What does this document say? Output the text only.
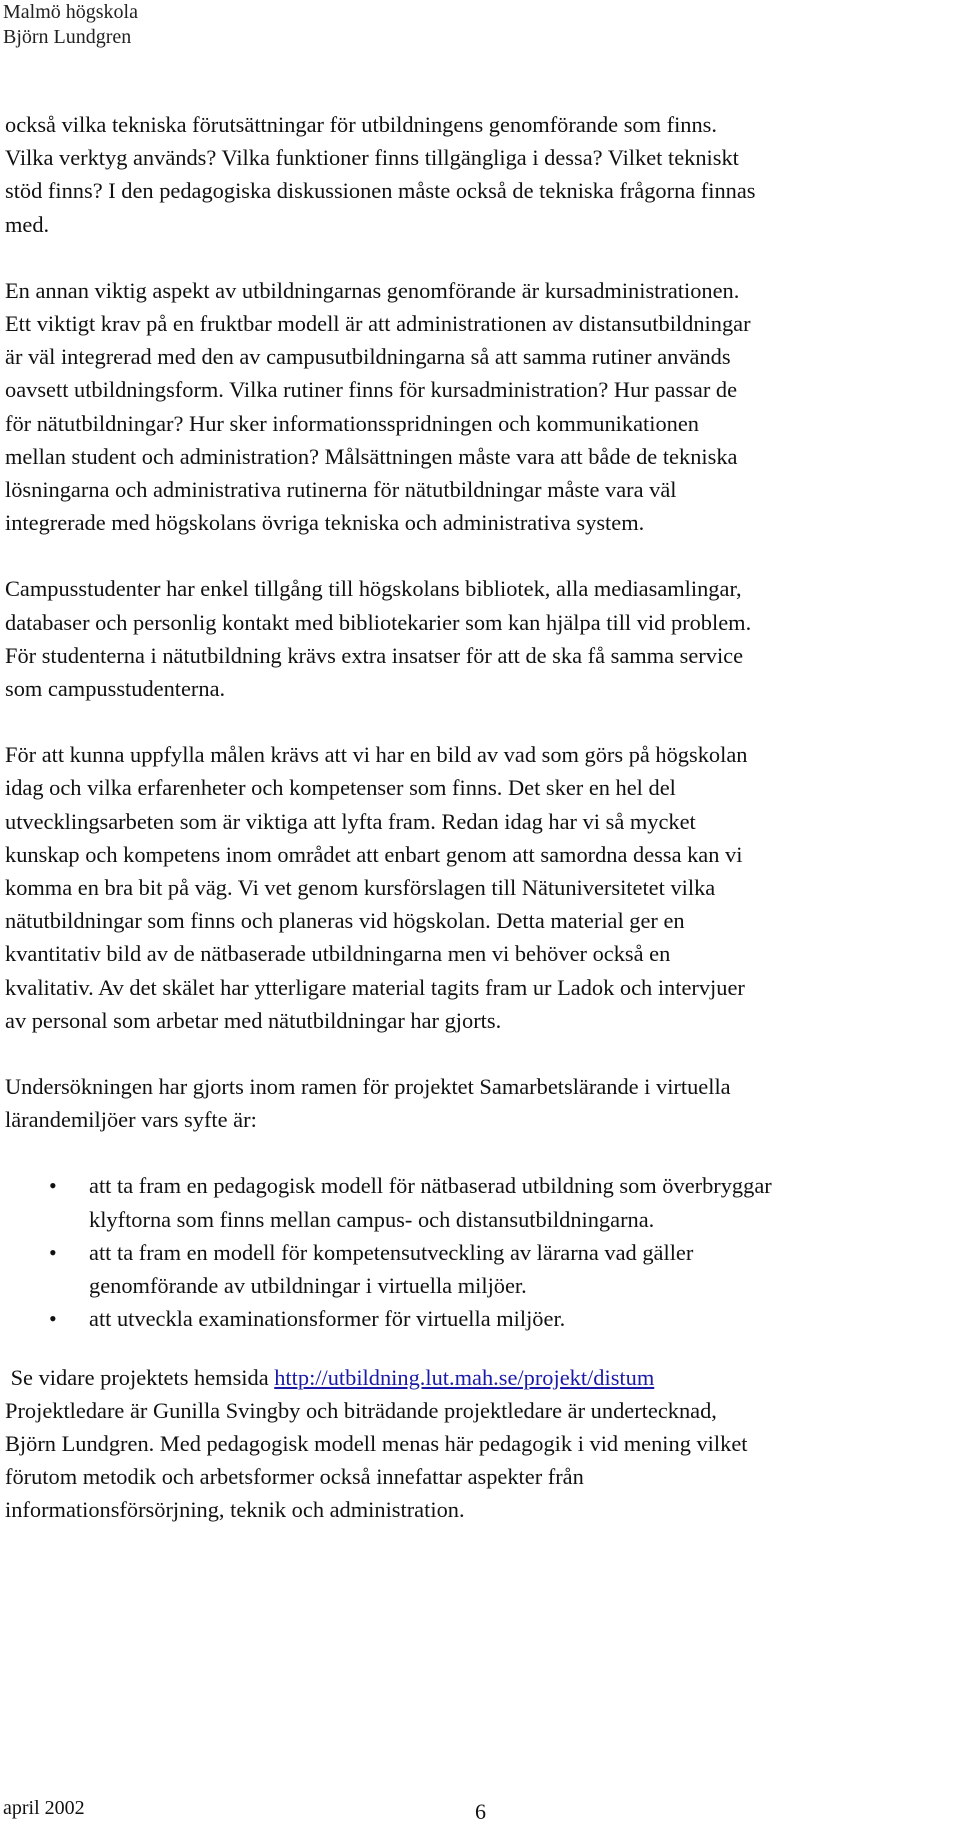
Malmö högskola
Björn Lundgren

också vilka tekniska förutsättningar för utbildningens genomförande som finns.
Vilka verktyg används? Vilka funktioner finns tillgängliga i dessa? Vilket tekniskt
stöd finns? I den pedagogiska diskussionen måste också de tekniska frågorna finnas
med.

En annan viktig aspekt av utbildningarnas genomförande är kursadministrationen.
Ett viktigt krav på en fruktbar modell är att administrationen av distansutbildningar
är väl integrerad med den av campusutbildningarna så att samma rutiner används
oavsett utbildningsform. Vilka rutiner finns för kursadministration? Hur passar de
för nätutbildningar? Hur sker informationsspridningen och kommunikationen
mellan student och administration? Målsättningen måste vara att både de tekniska
lösningarna och administrativa rutinerna för nätutbildningar måste vara väl
integrerade med högskolans övriga tekniska och administrativa system.

Campusstudenter har enkel tillgång till högskolans bibliotek, alla mediasamlingar,
databaser och personlig kontakt med bibliotekarier som kan hjälpa till vid problem.
För studenterna i nätutbildning krävs extra insatser för att de ska få samma service
som campusstudenterna.

För att kunna uppfylla målen krävs att vi har en bild av vad som görs på högskolan
idag och vilka erfarenheter och kompetenser som finns. Det sker en hel del
utvecklingsarbeten som är viktiga att lyfta fram. Redan idag har vi så mycket
kunskap och kompetens inom området att enbart genom att samordna dessa kan vi
komma en bra bit på väg. Vi vet genom kursförslagen till Nätuniversitetet vilka
nätutbildningar som finns och planeras vid högskolan. Detta material ger en
kvantitativ bild av de nätbaserade utbildningarna men vi behöver också en
kvalitativ. Av det skälet har ytterligare material tagits fram ur Ladok och intervjuer
av personal som arbetar med nätutbildningar har gjorts.

Undersökningen har gjorts inom ramen för projektet Samarbetslärande i virtuella
lärandemiljöer vars syfte är:

• att ta fram en pedagogisk modell för nätbaserad utbildning som överbryggar
klyftorna som finns mellan campus- och distansutbildningarna.
• att ta fram en modell för kompetensutveckling av lärarna vad gäller
genomförande av utbildningar i virtuella miljöer.
• att utveckla examinationsformer för virtuella miljöer.

Se vidare projektets hemsida http://utbildning.lut.mah.se/projekt/distum
Projektledare är Gunilla Svingby och biträdande projektledare är undertecknad,
Björn Lundgren. Med pedagogisk modell menas här pedagogik i vid mening vilket
förutom metodik och arbetsformer också innefattar aspekter från
informationsförsörjning, teknik och administration.

april 2002	6
